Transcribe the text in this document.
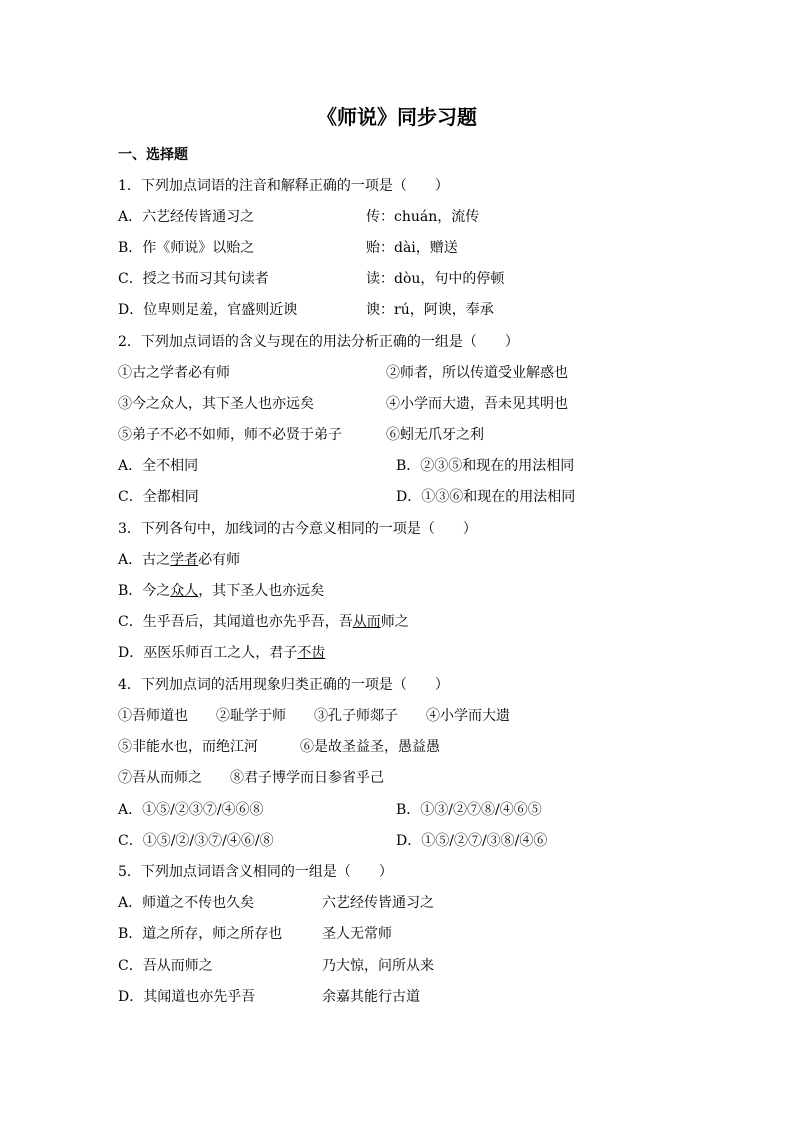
《师说》同步习题
一、选择题
1．下列加点词语的注音和解释正确的一项是（　　）
A．六艺经传皆通习之	传：chuán，流传
B．作《师说》以贻之	贻：dài，赠送
C．授之书而习其句读者	读：dòu，句中的停顿
D．位卑则足羞，官盛则近谀	谀：rú，阿谀，奉承
2．下列加点词语的含义与现在的用法分析正确的一组是（　　）
①古之学者必有师	②师者，所以传道受业解惑也
③今之众人，其下圣人也亦远矣	④小学而大遗，吾未见其明也
⑤弟子不必不如师，师不必贤于弟子	⑥蚓无爪牙之利
A．全不相同	B．②③⑤和现在的用法相同
C．全都相同	D．①③⑥和现在的用法相同
3．下列各句中，加线词的古今意义相同的一项是（　　）
A．古之学者必有师
B．今之众人，其下圣人也亦远矣
C．生乎吾后，其闻道也亦先乎吾，吾从而师之
D．巫医乐师百工之人，君子不齿
4．下列加点词的活用现象归类正确的一项是（　　）
①吾师道也　　②耻学于师　　③孔子师郯子　　④小学而大遗
⑤非能水也，而绝江河　　　⑥是故圣益圣，愚益愚
⑦吾从而师之　　⑧君子博学而日参省乎己
A．①⑤/②③⑦/④⑥⑧	B．①③/②⑦⑧/④⑥⑤
C．①⑤/②/③⑦/④⑥/⑧	D．①⑤/②⑦/③⑧/④⑥
5．下列加点词语含义相同的一组是（　　）
A．师道之不传也久矣	六艺经传皆通习之
B．道之所存，师之所存也	圣人无常师
C．吾从而师之	乃大惊，问所从来
D．其闻道也亦先乎吾	余嘉其能行古道
